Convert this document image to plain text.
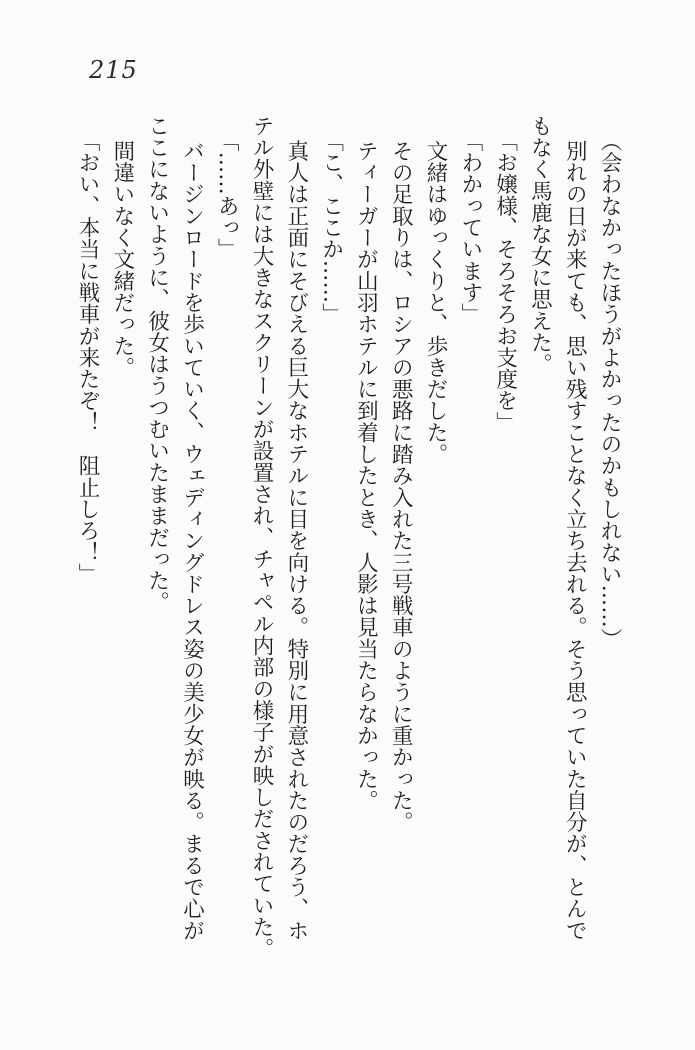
215
（会わなかったほうがよかったのかもしれない……）
別れの日が来ても、思い残すことなく立ち去れる。そう思っていた自分が、とんで
もなく馬鹿な女に思えた。
「お嬢様、そろそろお支度を」
「わかっています」
文緒はゆっくりと、歩きだした。
その足取りは、ロシアの悪路に踏み入れた三号戦車のように重かった。
ティーガーが山羽ホテルに到着したとき、人影は見当たらなかった。
「こ、ここか……」
真人は正面にそびえる巨大なホテルに目を向ける。特別に用意されたのだろう、ホ
テル外壁には大きなスクリーンが設置され、チャペル内部の様子が映しだされていた。
「……あっ」
バージンロードを歩いていく、ウェディングドレス姿の美少女が映る。まるで心が
ここにないように、彼女はうつむいたままだった。
間違いなく文緒だった。
「おい、本当に戦車が来たぞ！　阻止しろ！」
